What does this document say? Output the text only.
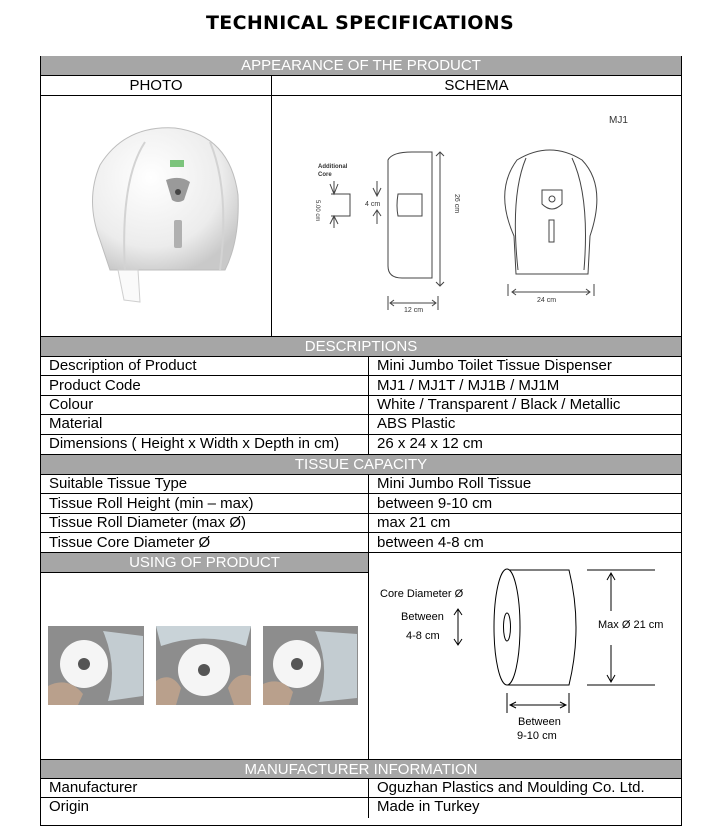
TECHNICAL SPECIFICATIONS
APPEARANCE OF THE PRODUCT
PHOTO	SCHEMA
MJ1
Additional
Core
4 cm	26 cm
5.00 cm
12 cm
24 cm
DESCRIPTIONS
Description of Product	Mini Jumbo Toilet Tissue Dispenser
Product Code	MJ1 / MJ1T / MJ1B / MJ1M
Colour	White / Transparent / Black / Metallic
Material	ABS Plastic
Dimensions ( Height x Width x Depth in cm)	26 x 24 x 12 cm
TISSUE CAPACITY
Suitable Tissue Type	Mini Jumbo Roll Tissue
Tissue Roll Height (min – max)	between 9-10 cm
Tissue Roll Diameter (max Ø)	max 21 cm
Tissue Core Diameter Ø	between 4-8 cm
USING OF PRODUCT
Core Diameter Ø
Between
4-8 cm
Max Ø 21 cm
Between
9-10 cm
MANUFACTURER INFORMATION
Manufacturer	Oguzhan Plastics and Moulding Co. Ltd.
Origin	Made in Turkey
